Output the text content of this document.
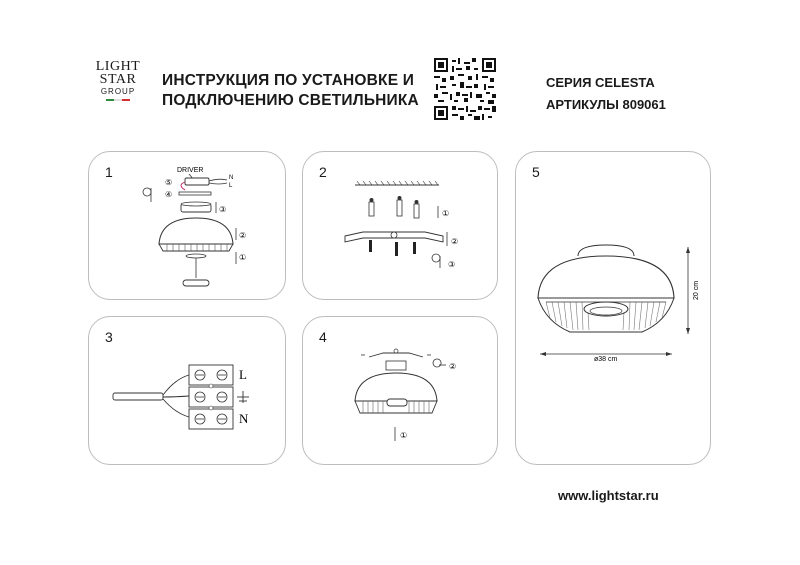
LIGHT
STAR
GROUP
ИНСТРУКЦИЯ ПО УСТАНОВКЕ И
ПОДКЛЮЧЕНИЮ СВЕТИЛЬНИКА
СЕРИЯ CELESTA
АРТИКУЛЫ 809061
1	DRIVER
N
L
⑤
④
③
②
①
2
①
②
③
3
L
N
4
②
①
5
20 cm
ø38 cm
www.lightstar.ru
